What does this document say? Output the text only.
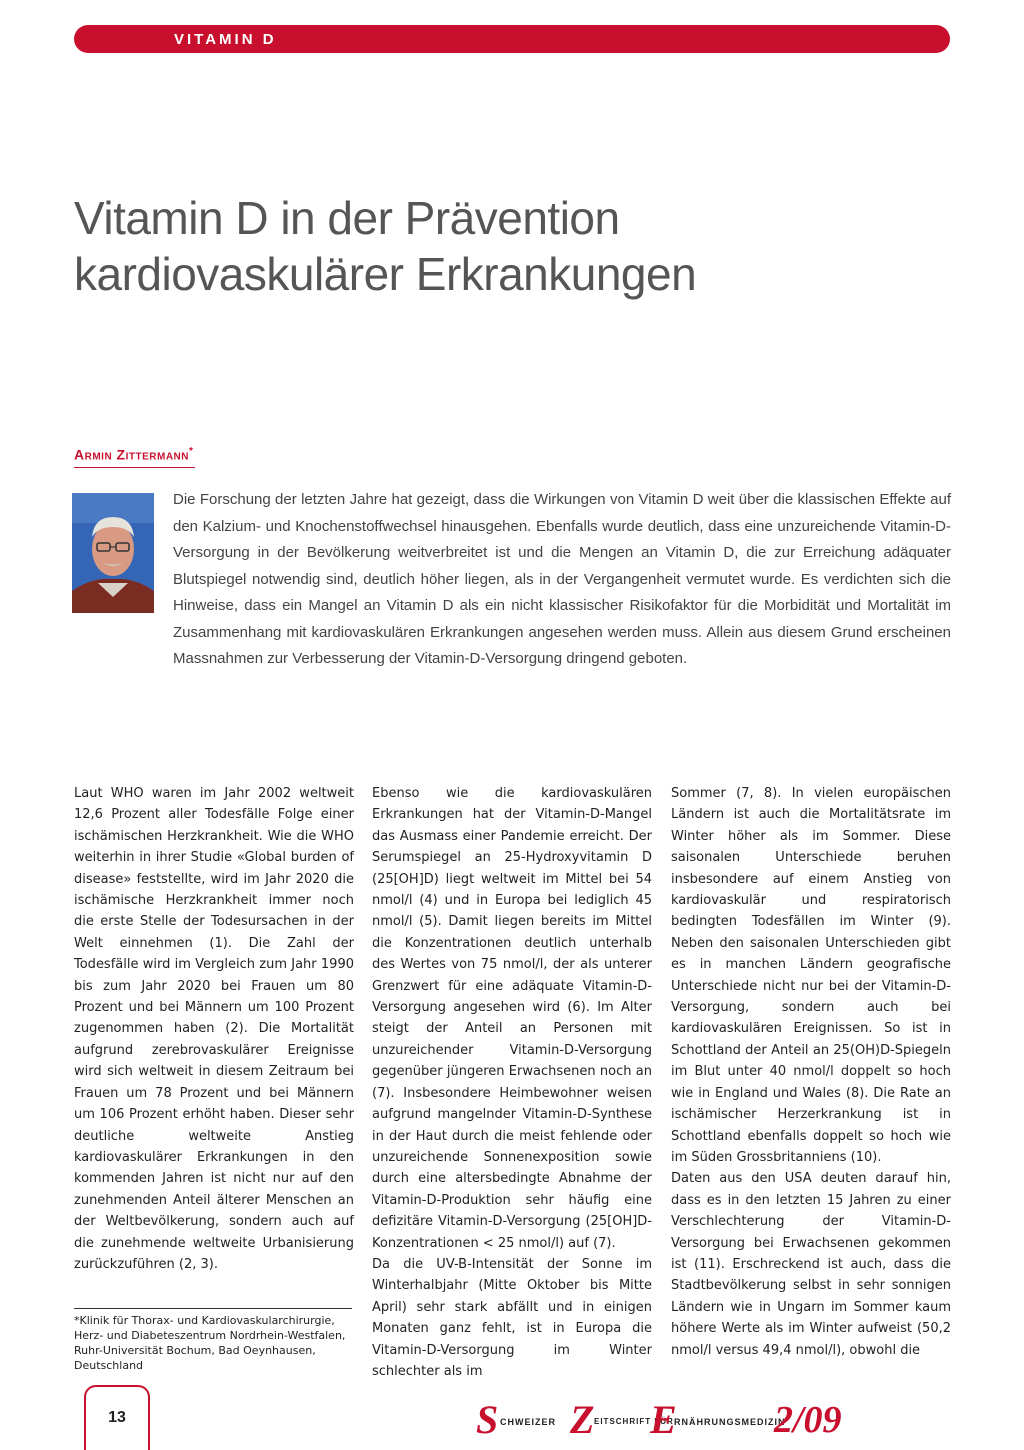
VITAMIN D
Vitamin D in der Prävention
kardiovaskulärer Erkrankungen
Armin Zittermann*

Die Forschung der letzten Jahre hat gezeigt, dass die Wirkungen von Vitamin D weit über die klassischen Effekte auf den Kalzium- und Knochenstoffwechsel hinausgehen. Ebenfalls wurde deutlich, dass eine unzureichende Vitamin-D-Versorgung in der Bevölkerung weitverbreitet ist und die Mengen an Vitamin D, die zur Erreichung adäquater Blutspiegel notwendig sind, deutlich höher liegen, als in der Vergangenheit vermutet wurde. Es verdichten sich die Hinweise, dass ein Mangel an Vitamin D als ein nicht klassischer Risikofaktor für die Morbidität und Mortalität im Zusammenhang mit kardiovaskulären Erkrankungen angesehen werden muss. Allein aus diesem Grund erscheinen Massnahmen zur Verbesserung der Vitamin-D-Versorgung dringend geboten.

Laut WHO waren im Jahr 2002 weltweit 12,6 Prozent aller Todesfälle Folge einer ischämischen Herzkrankheit. Wie die WHO weiterhin in ihrer Studie «Global burden of disease» feststellte, wird im Jahr 2020 die ischämische Herzkrankheit immer noch die erste Stelle der Todesursachen in der Welt einnehmen (1). Die Zahl der Todesfälle wird im Vergleich zum Jahr 1990 bis zum Jahr 2020 bei Frauen um 80 Prozent und bei Männern um 100 Prozent zugenommen haben (2). Die Mortalität aufgrund zerebrovaskulärer Ereignisse wird sich weltweit in diesem Zeitraum bei Frauen um 78 Prozent und bei Männern um 106 Prozent erhöht haben. Dieser sehr deutliche weltweite Anstieg kardiovaskulärer Erkrankungen in den kommenden Jahren ist nicht nur auf den zunehmenden Anteil älterer Menschen an der Weltbevölkerung, sondern auch auf die zunehmende weltweite Urbanisierung zurückzuführen (2, 3).

Ebenso wie die kardiovaskulären Erkrankungen hat der Vitamin-D-Mangel das Ausmass einer Pandemie erreicht. Der Serumspiegel an 25-Hydroxyvitamin D (25[OH]D) liegt weltweit im Mittel bei 54 nmol/l (4) und in Europa bei lediglich 45 nmol/l (5). Damit liegen bereits im Mittel die Konzentrationen deutlich unterhalb des Wertes von 75 nmol/l, der als unterer Grenzwert für eine adäquate Vitamin-D-Versorgung angesehen wird (6). Im Alter steigt der Anteil an Personen mit unzureichender Vitamin-D-Versorgung gegenüber jüngeren Erwachsenen noch an (7). Insbesondere Heimbewohner weisen aufgrund mangelnder Vitamin-D-Synthese in der Haut durch die meist fehlende oder unzureichende Sonnenexposition sowie durch eine altersbedingte Abnahme der Vitamin-D-Produktion sehr häufig eine defizitäre Vitamin-D-Versorgung (25[OH]D-Konzentrationen < 25 nmol/l) auf (7).

Da die UV-B-Intensität der Sonne im Winterhalbjahr (Mitte Oktober bis Mitte April) sehr stark abfällt und in einigen Monaten ganz fehlt, ist in Europa die Vitamin-D-Versorgung im Winter schlechter als im

Sommer (7, 8). In vielen europäischen Ländern ist auch die Mortalitätsrate im Winter höher als im Sommer. Diese saisonalen Unterschiede beruhen insbesondere auf einem Anstieg von kardiovaskulär und respiratorisch bedingten Todesfällen im Winter (9). Neben den saisonalen Unterschieden gibt es in manchen Ländern geografische Unterschiede nicht nur bei der Vitamin-D-Versorgung, sondern auch bei kardiovaskulären Ereignissen. So ist in Schottland der Anteil an 25(OH)D-Spiegeln im Blut unter 40 nmol/l doppelt so hoch wie in England und Wales (8). Die Rate an ischämischer Herzerkrankung ist in Schottland ebenfalls doppelt so hoch wie im Süden Grossbritanniens (10).

Daten aus den USA deuten darauf hin, dass es in den letzten 15 Jahren zu einer Verschlechterung der Vitamin-D-Versorgung bei Erwachsenen gekommen ist (11). Erschreckend ist auch, dass die Stadtbevölkerung selbst in sehr sonnigen Ländern wie in Ungarn im Sommer kaum höhere Werte als im Winter aufweist (50,2 nmol/l versus 49,4 nmol/l), obwohl die

*Klinik für Thorax- und Kardiovaskularchirurgie, Herz- und Diabeteszentrum Nordrhein-Westfalen, Ruhr-Universität Bochum, Bad Oeynhausen, Deutschland
13	S CHWEIZER Z EITSCHRIFT FÜR
E
RNÄHRUNGSMEDIZIN
2/09
